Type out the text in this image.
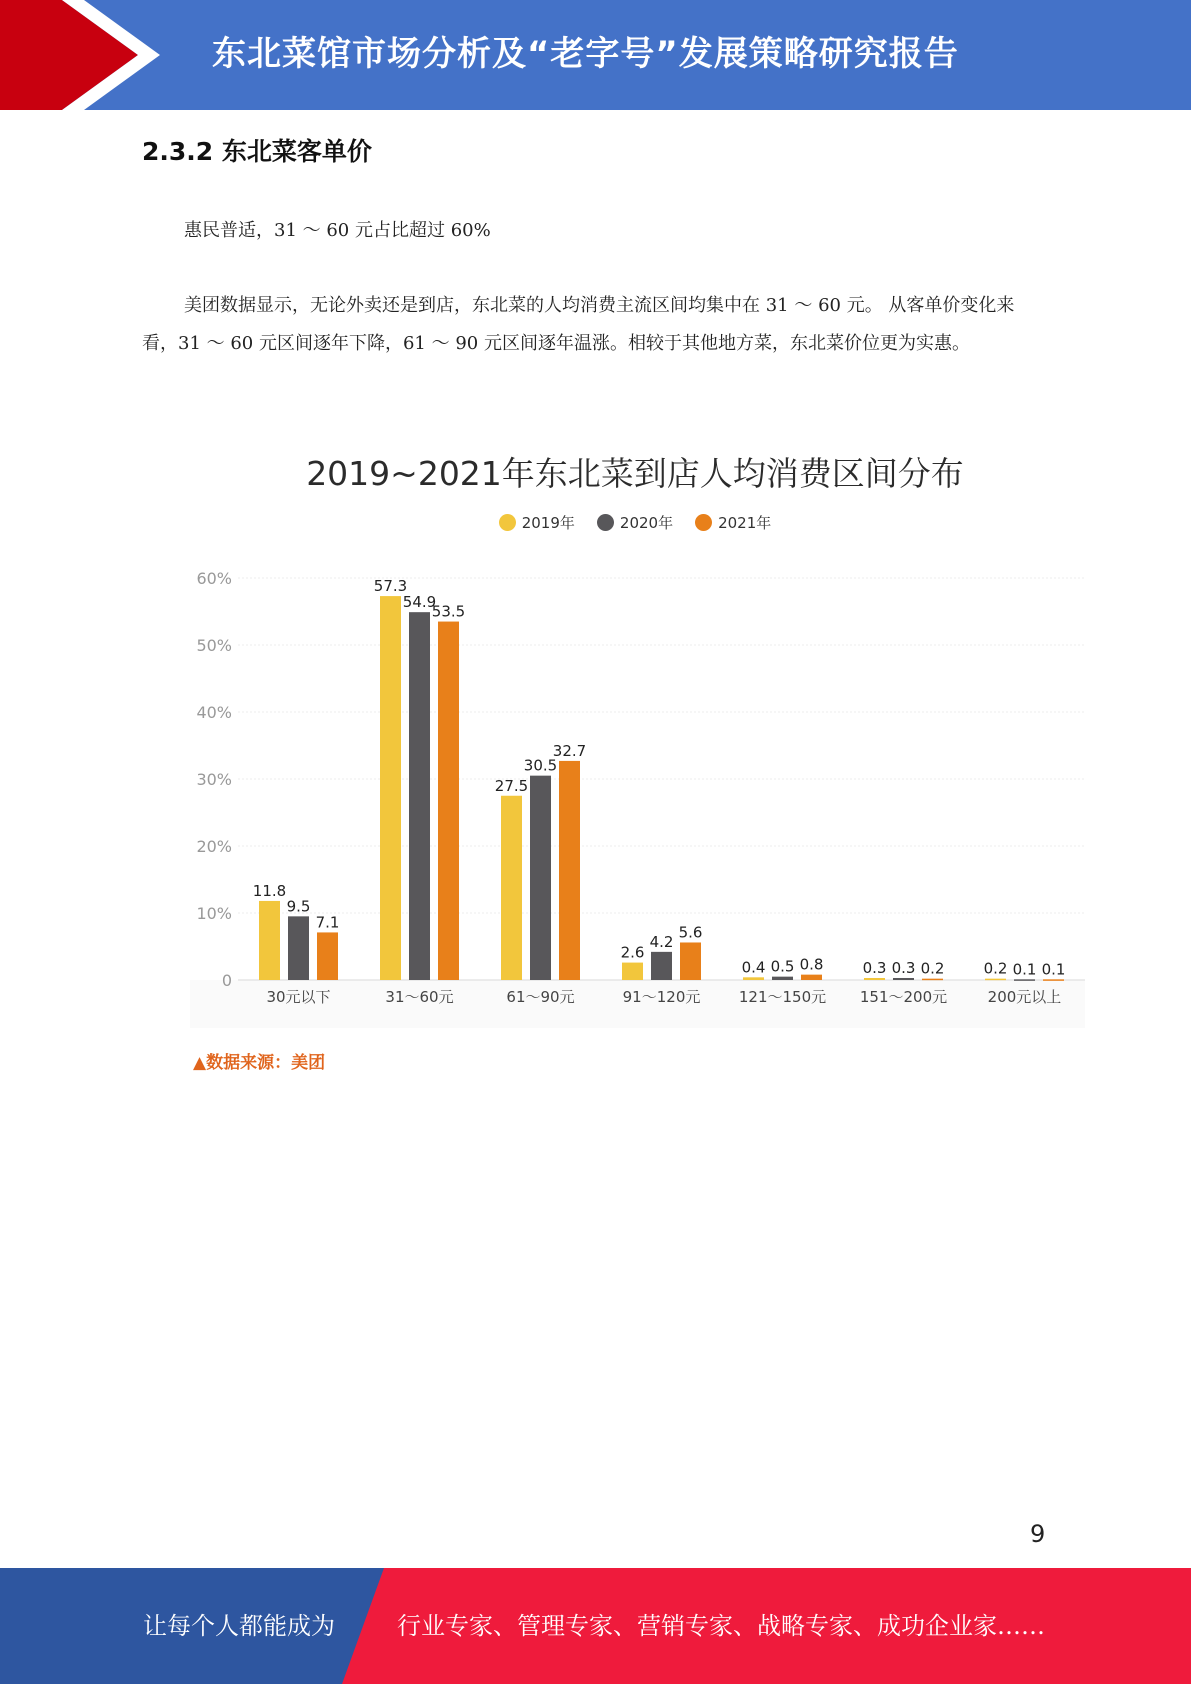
东北菜馆市场分析及“老字号”发展策略研究报告
2.3.2 东北菜客单价
惠民普适，31 ～ 60 元占比超过 60%
美团数据显示，无论外卖还是到店，东北菜的人均消费主流区间均集中在 31 ～ 60 元。 从客单价变化来看，31 ～ 60 元区间逐年下降，61 ～ 90 元区间逐年温涨。相较于其他地方菜，东北菜价位更为实惠。
0
10%
20%
30%
40%
50%
60%
11.8
9.5
7.1
30元以下
57.3
54.9
53.5
31～60元
27.5
30.5
32.7
61～90元
2.6
4.2
5.6
91～120元
0.4 0.5 0.8
121～150元
0.3 0.3 0.2
151～200元
0.2 0.1 0.1
200元以上
2019~2021年东北菜到店人均消费区间分布
2019年	2020年	2021年
▲数据来源：美团
9
让每个人都能成为	行业专家、管理专家、营销专家、战略专家、成功企业家……
